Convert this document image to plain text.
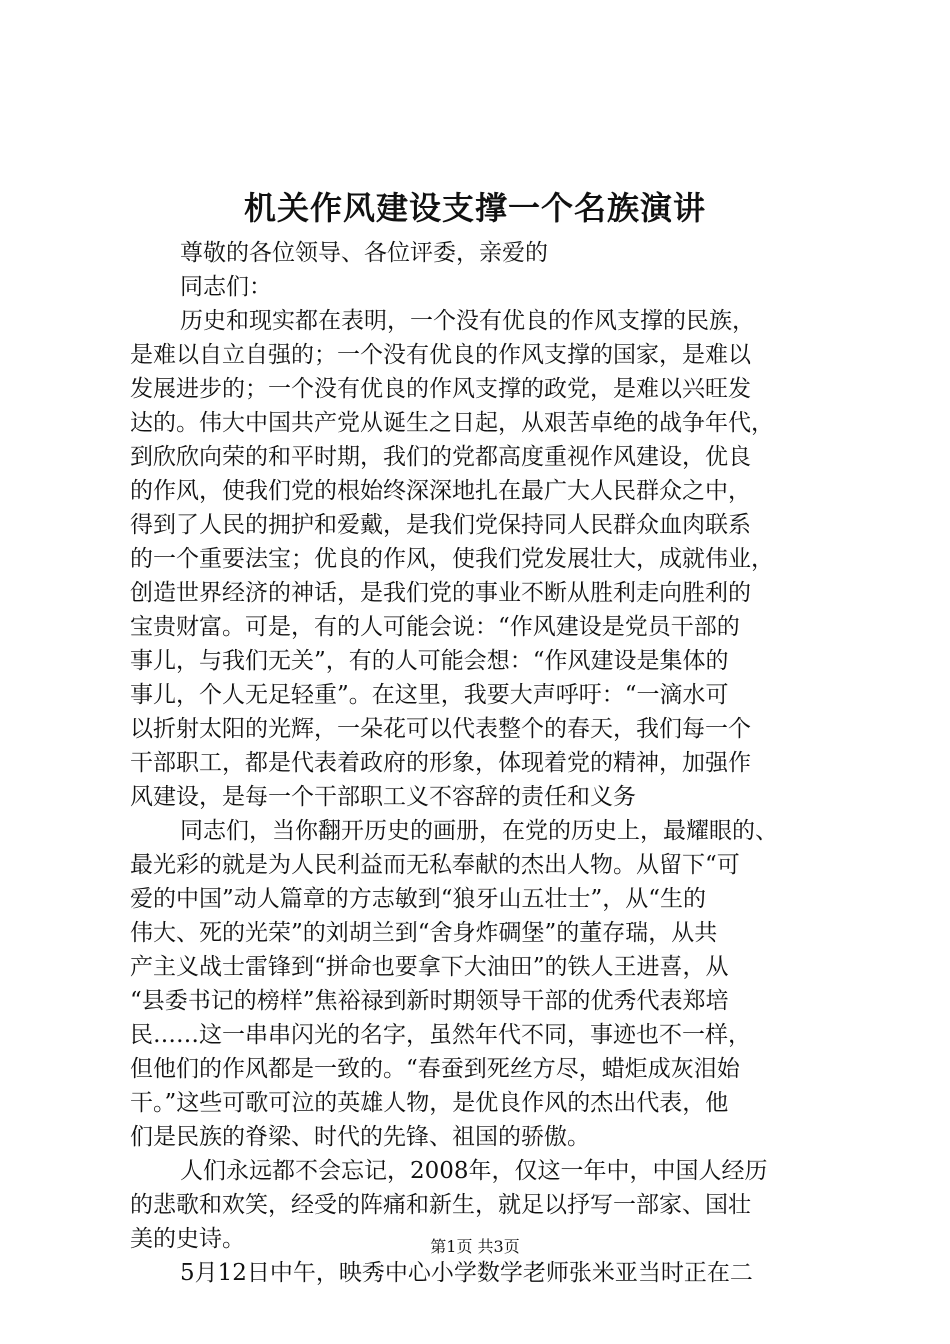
机关作风建设支撑一个名族演讲
尊敬的各位领导、各位评委，亲爱的
同志们：
历史和现实都在表明，一个没有优良的作风支撑的民族，
是难以自立自强的；一个没有优良的作风支撑的国家，是难以
发展进步的；一个没有优良的作风支撑的政党，是难以兴旺发
达的。伟大中国共产党从诞生之日起，从艰苦卓绝的战争年代，
到欣欣向荣的和平时期，我们的党都高度重视作风建设，优良
的作风，使我们党的根始终深深地扎在最广大人民群众之中，
得到了人民的拥护和爱戴，是我们党保持同人民群众血肉联系
的一个重要法宝；优良的作风，使我们党发展壮大，成就伟业，
创造世界经济的神话，是我们党的事业不断从胜利走向胜利的
宝贵财富。可是，有的人可能会说：“作风建设是党员干部的
事儿，与我们无关”，有的人可能会想：“作风建设是集体的
事儿，个人无足轻重”。在这里，我要大声呼吁：“一滴水可
以折射太阳的光辉，一朵花可以代表整个的春天，我们每一个
干部职工，都是代表着政府的形象，体现着党的精神，加强作
风建设，是每一个干部职工义不容辞的责任和义务
同志们，当你翻开历史的画册，在党的历史上，最耀眼的、
最光彩的就是为人民利益而无私奉献的杰出人物。从留下“可
爱的中国”动人篇章的方志敏到“狼牙山五壮士”，从“生的
伟大、死的光荣”的刘胡兰到“舍身炸碉堡”的董存瑞，从共
产主义战士雷锋到“拼命也要拿下大油田”的铁人王进喜，从
“县委书记的榜样”焦裕禄到新时期领导干部的优秀代表郑培
民……这一串串闪光的名字，虽然年代不同，事迹也不一样，
但他们的作风都是一致的。“春蚕到死丝方尽，蜡炬成灰泪始
干。”这些可歌可泣的英雄人物，是优良作风的杰出代表，他
们是民族的脊梁、时代的先锋、祖国的骄傲。
人们永远都不会忘记，2008年，仅这一年中，中国人经历
的悲歌和欢笑，经受的阵痛和新生，就足以抒写一部家、国壮
美的史诗。
5月12日中午，映秀中心小学数学老师张米亚当时正在二
第1页 共3页
